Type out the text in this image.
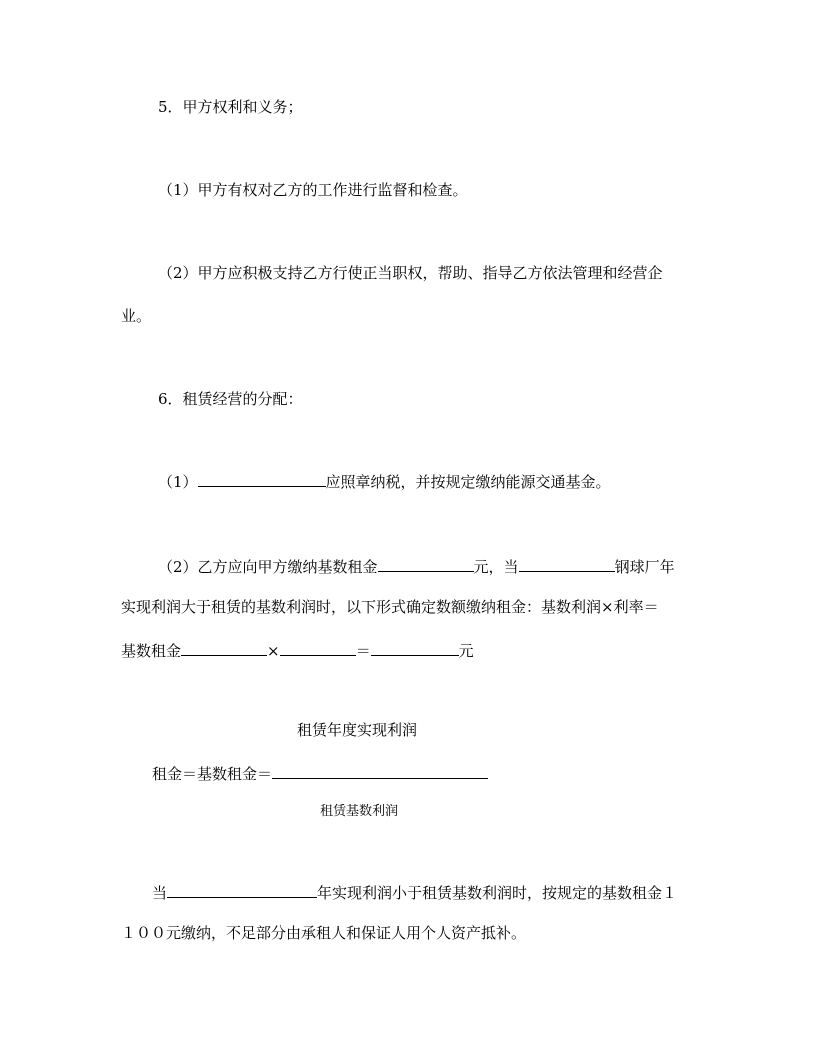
5．甲方权利和义务；
（1）甲方有权对乙方的工作进行监督和检查。
（2）甲方应积极支持乙方行使正当职权，帮助、指导乙方依法管理和经营企
业。
6．租赁经营的分配：
（1）	应照章纳税，并按规定缴纳能源交通基金。
（2）乙方应向甲方缴纳基数租金	元，当	钢球厂年
实现利润大于租赁的基数利润时，以下形式确定数额缴纳租金：基数利润×利率＝
基数租金	×	＝	元
租赁年度实现利润
租金＝基数租金＝
租赁基数利润
当	年实现利润小于租赁基数利润时，按规定的基数租金１
１００元缴纳，不足部分由承租人和保证人用个人资产抵补。
